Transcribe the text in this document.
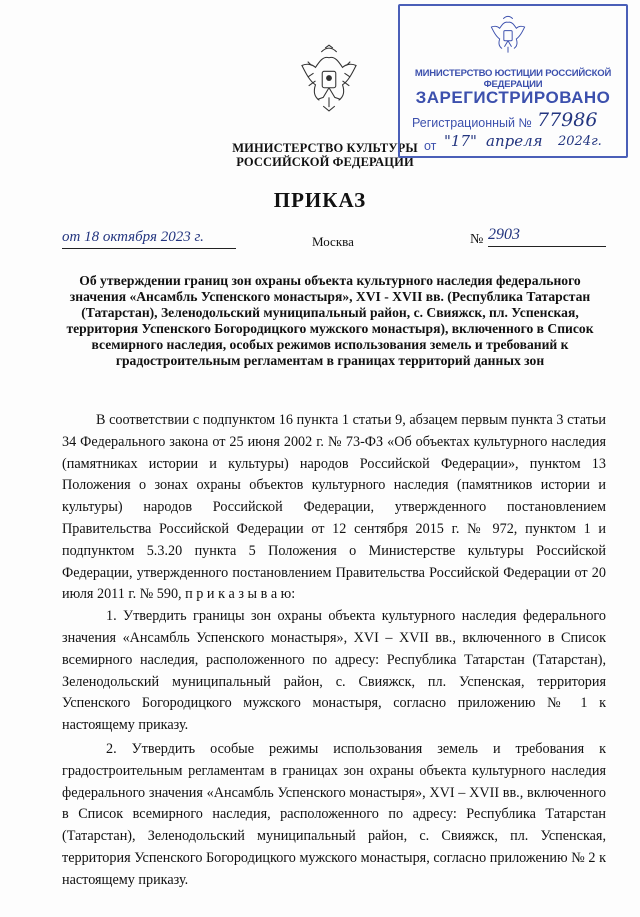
МИНИСТЕРСТВО КУЛЬТУРЫ
РОССИЙСКОЙ ФЕДЕРАЦИИ
МИНИСТЕРСТВО ЮСТИЦИИ РОССИЙСКОЙ ФЕДЕРАЦИИ
ЗАРЕГИСТРИРОВАНО
Регистрационный № 77986
от "17" апреля 2024г.
ПРИКАЗ
от 18 октября 2023 г.	Москва	№ 2903
Об утверждении границ зон охраны объекта культурного наследия федерального значения «Ансамбль Успенского монастыря», XVI - XVII вв. (Республика Татарстан (Татарстан), Зеленодольский муниципальный район, с. Свияжск, пл. Успенская, территория Успенского Богородицкого мужского монастыря), включенного в Список всемирного наследия, особых режимов использования земель и требований к градостроительным регламентам в границах территорий данных зон

В соответствии с подпунктом 16 пункта 1 статьи 9, абзацем первым пункта 3 статьи 34 Федерального закона от 25 июня 2002 г. № 73-ФЗ «Об объектах культурного наследия (памятниках истории и культуры) народов Российской Федерации», пунктом 13 Положения о зонах охраны объектов культурного наследия (памятников истории и культуры) народов Российской Федерации, утвержденного постановлением Правительства Российской Федерации от 12 сентября 2015 г. № 972, пунктом 1 и подпунктом 5.3.20 пункта 5 Положения о Министерстве культуры Российской Федерации, утвержденного постановлением Правительства Российской Федерации от 20 июля 2011 г. № 590, п р и к а з ы в а ю:

1. Утвердить границы зон охраны объекта культурного наследия федерального значения «Ансамбль Успенского монастыря», XVI – XVII вв., включенного в Список всемирного наследия, расположенного по адресу: Республика Татарстан (Татарстан), Зеленодольский муниципальный район, с. Свияжск, пл. Успенская, территория Успенского Богородицкого мужского монастыря, согласно приложению № 1 к настоящему приказу.

2. Утвердить особые режимы использования земель и требования к градостроительным регламентам в границах зон охраны объекта культурного наследия федерального значения «Ансамбль Успенского монастыря», XVI – XVII вв., включенного в Список всемирного наследия, расположенного по адресу: Республика Татарстан (Татарстан), Зеленодольский муниципальный район, с. Свияжск, пл. Успенская, территория Успенского Богородицкого мужского монастыря, согласно приложению № 2 к настоящему приказу.
